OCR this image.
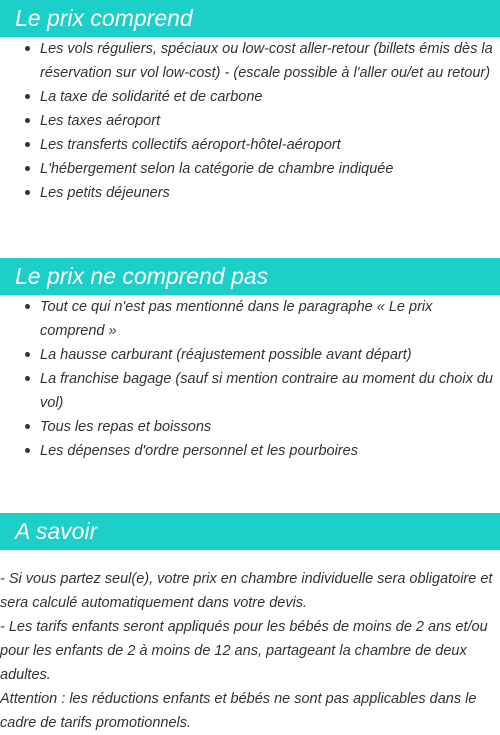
Le prix comprend
Les vols réguliers, spéciaux ou low-cost aller-retour (billets émis dès la réservation sur vol low-cost) - (escale possible à l'aller ou/et au retour)
La taxe de solidarité et de carbone
Les taxes aéroport
Les transferts collectifs aéroport-hôtel-aéroport
L'hébergement selon la catégorie de chambre indiquée
Les petits déjeuners
Le prix ne comprend pas
Tout ce qui n'est pas mentionné dans le paragraphe « Le prix comprend »
La hausse carburant (réajustement possible avant départ)
La franchise bagage (sauf si mention contraire au moment du choix du vol)
Tous les repas et boissons
Les dépenses d'ordre personnel et les pourboires
A savoir

- Si vous partez seul(e), votre prix en chambre individuelle sera obligatoire et sera calculé automatiquement dans votre devis.

- Les tarifs enfants seront appliqués pour les bébés de moins de 2 ans et/ou pour les enfants de 2 à moins de 12 ans, partageant la chambre de deux adultes.

Attention : les réductions enfants et bébés ne sont pas applicables dans le cadre de tarifs promotionnels.
